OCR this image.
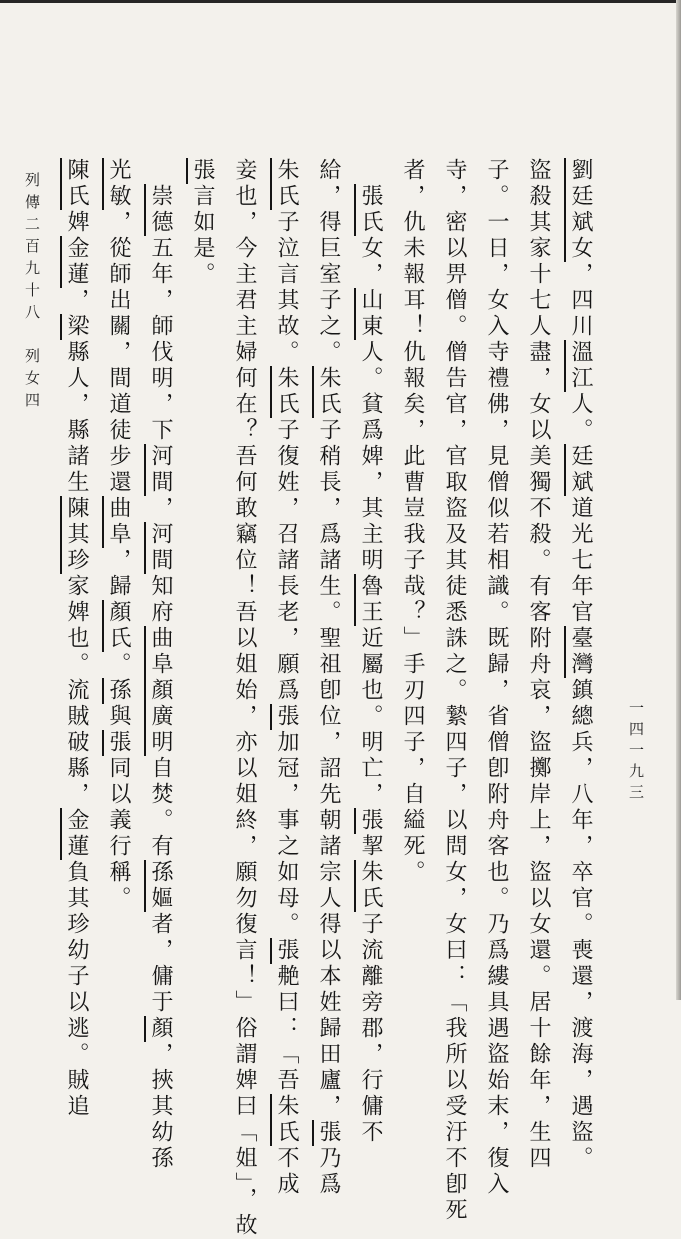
劉廷斌女，四川溫江人。廷斌道光七年官臺灣鎮總兵，八年，卒官。喪還，渡海，遇盜。
盜殺其家十七人盡，女以美獨不殺。有客附舟哀，盜擲岸上，盜以女還。居十餘年，生四
子。一日，女入寺禮佛，見僧似若相識。既歸，省僧卽附舟客也。乃爲縷具遇盜始末，復入
寺，密以畀僧。僧告官，官取盜及其徒悉誅之。縶四子，以問女，女曰：「我所以受汙不卽死
者，仇未報耳！仇報矣，此曹豈我子哉？」手刃四子，自縊死。
　張氏女，山東人。貧爲婢，其主明魯王近屬也。明亡，張挈朱氏子流離旁郡，行傭不
給，得巨室子之。朱氏子稍長，爲諸生。聖祖卽位，詔先朝諸宗人得以本姓歸田廬，張乃爲
朱氏子泣言其故。朱氏子復姓，召諸長老，願爲張加冠，事之如母。張艴曰：「吾朱氏不成
妾也，今主君主婦何在？吾何敢竊位！吾以姐始，亦以姐終，願勿復言！」俗謂婢曰「姐」，故
張言如是。
　崇德五年，師伐明，下河間，河間知府曲阜顏廣明自焚。有孫嫗者，傭于顏，挾其幼孫
光敏，從師出關，間道徒步還曲阜，歸顏氏。孫與張同以義行稱。
陳氏婢金蓮，梁縣人，縣諸生陳其珍家婢也。流賊破縣，金蓮負其珍幼子以逃。賊追
列傳二百九十八　列女四
一四一九三
